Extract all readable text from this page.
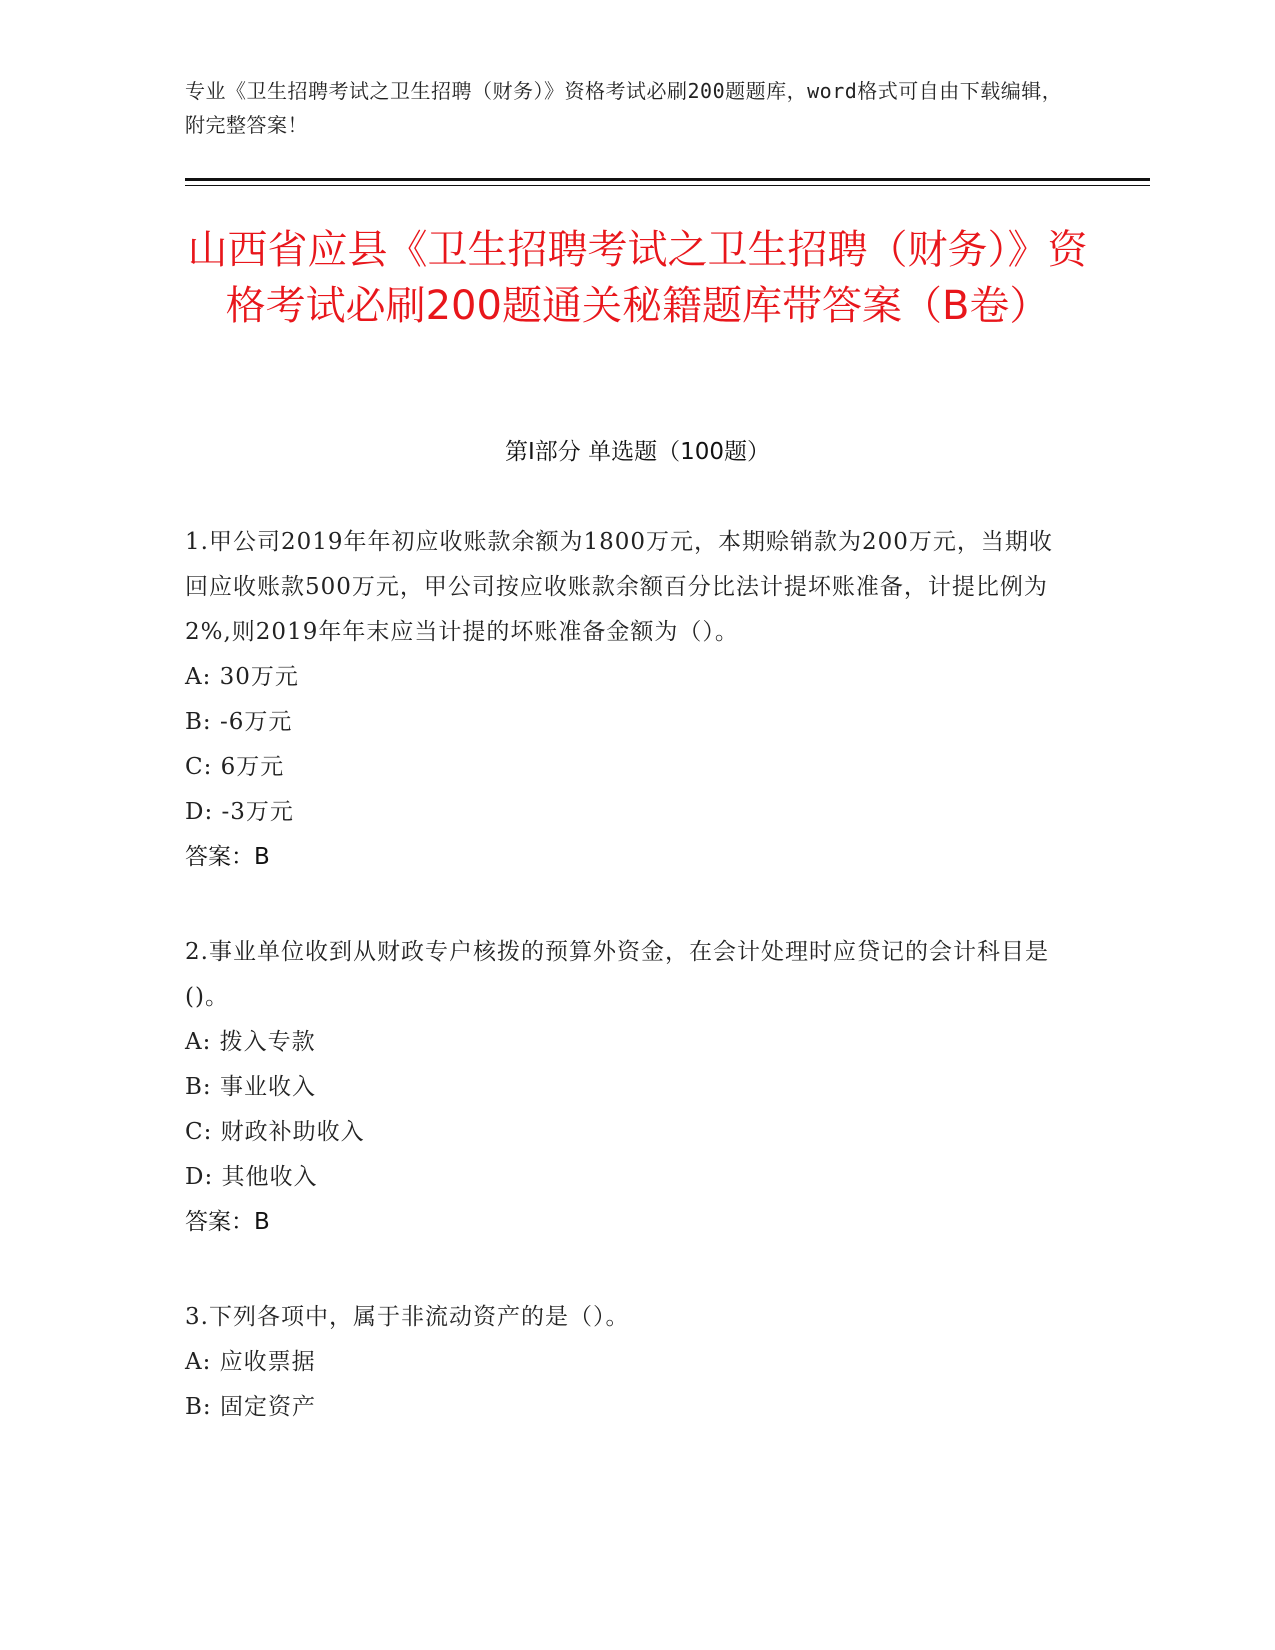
专业《卫生招聘考试之卫生招聘（财务）》资格考试必刷200题题库，word格式可自由下载编辑，附完整答案！
山西省应县《卫生招聘考试之卫生招聘（财务）》资格考试必刷200题通关秘籍题库带答案（B卷）
第I部分 单选题（100题）
1.甲公司2019年年初应收账款余额为1800万元，本期赊销款为200万元，当期收回应收账款500万元，甲公司按应收账款余额百分比法计提坏账准备，计提比例为2%,则2019年年末应当计提的坏账准备金额为（）。
A: 30万元
B: -6万元
C: 6万元
D: -3万元
答案：B
2.事业单位收到从财政专户核拨的预算外资金，在会计处理时应贷记的会计科目是()。
A: 拨入专款
B: 事业收入
C: 财政补助收入
D: 其他收入
答案：B
3.下列各项中，属于非流动资产的是（）。
A: 应收票据
B: 固定资产
